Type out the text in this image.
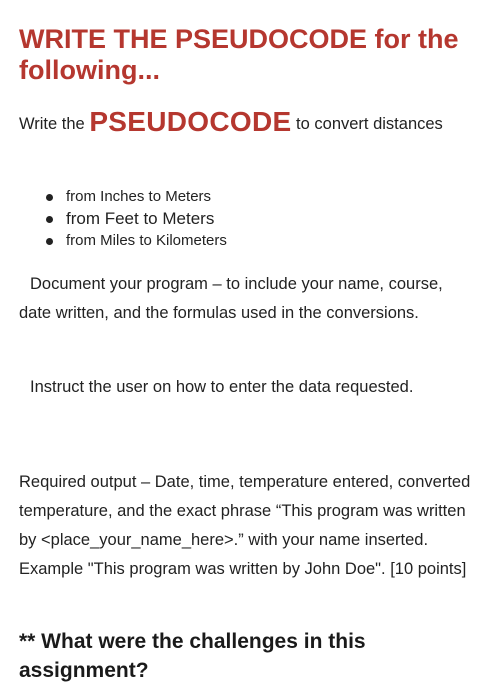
WRITE THE PSEUDOCODE for the following...

Write the PSEUDOCODE to convert distances

from Inches to Meters
from Feet to Meters
from Miles to Kilometers

Document your program – to include your name, course, date written, and the formulas used in the conversions.

Instruct the user on how to enter the data requested.

Required output – Date, time, temperature entered, converted temperature, and the exact phrase “This program was written by <place_your_name_here>.” with your name inserted. Example "This program was written by John Doe". [10 points]

** What were the challenges in this assignment?
